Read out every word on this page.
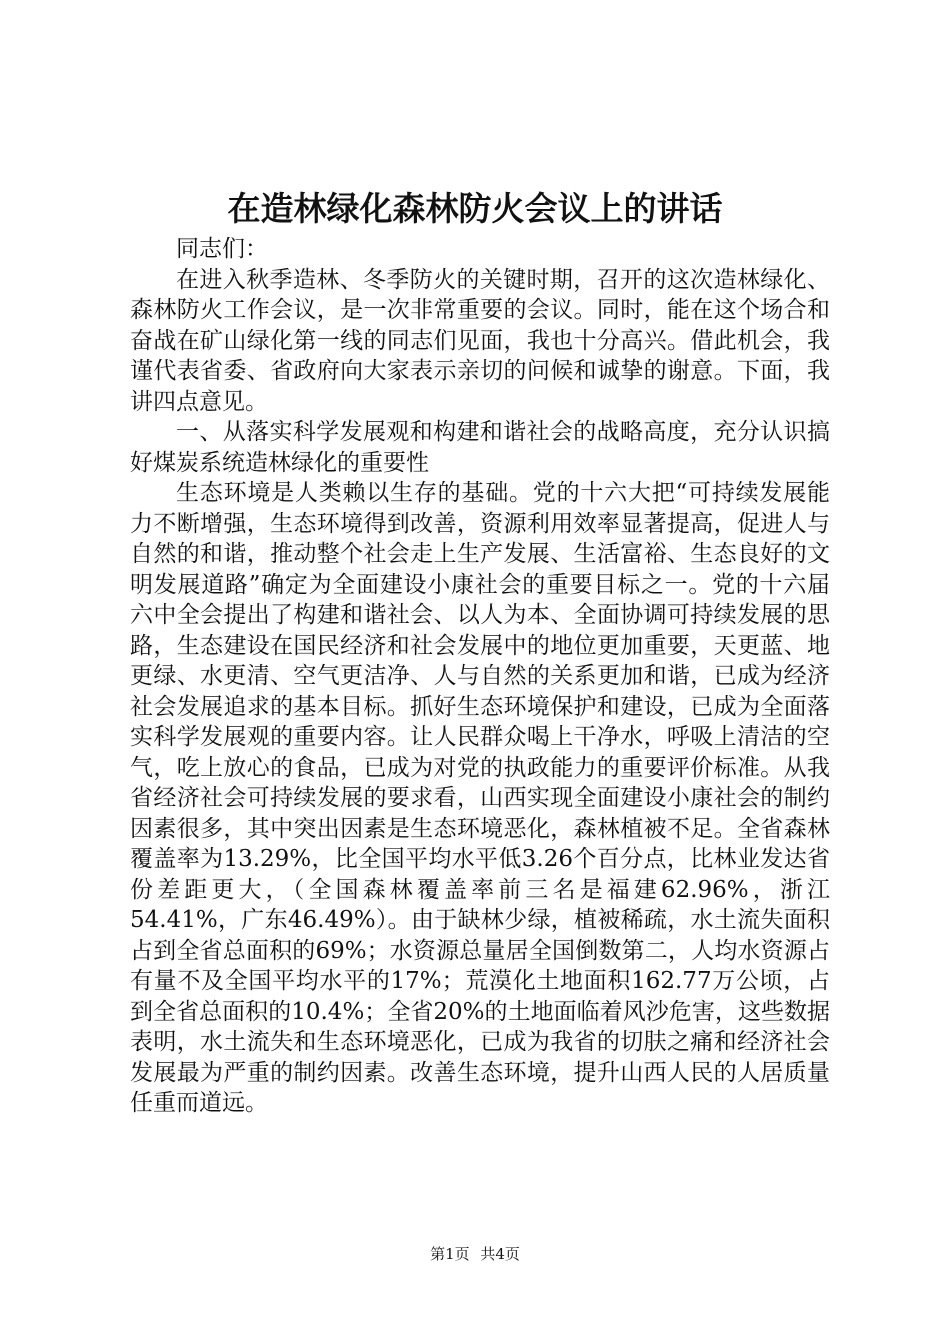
在造林绿化森林防火会议上的讲话

同志们：

在进入秋季造林、冬季防火的关键时期，召开的这次造林绿化、森林防火工作会议，是一次非常重要的会议。同时，能在这个场合和奋战在矿山绿化第一线的同志们见面，我也十分高兴。借此机会，我谨代表省委、省政府向大家表示亲切的问候和诚挚的谢意。下面，我讲四点意见。

一、从落实科学发展观和构建和谐社会的战略高度，充分认识搞好煤炭系统造林绿化的重要性

生态环境是人类赖以生存的基础。党的十六大把“可持续发展能力不断增强，生态环境得到改善，资源利用效率显著提高，促进人与自然的和谐，推动整个社会走上生产发展、生活富裕、生态良好的文明发展道路”确定为全面建设小康社会的重要目标之一。党的十六届六中全会提出了构建和谐社会、以人为本、全面协调可持续发展的思路，生态建设在国民经济和社会发展中的地位更加重要，天更蓝、地更绿、水更清、空气更洁净、人与自然的关系更加和谐，已成为经济社会发展追求的基本目标。抓好生态环境保护和建设，已成为全面落实科学发展观的重要内容。让人民群众喝上干净水，呼吸上清洁的空气，吃上放心的食品，已成为对党的执政能力的重要评价标准。从我省经济社会可持续发展的要求看，山西实现全面建设小康社会的制约因素很多，其中突出因素是生态环境恶化，森林植被不足。全省森林覆盖率为13.29%，比全国平均水平低3.26个百分点，比林业发达省份差距更大，（全国森林覆盖率前三名是福建62.96%，浙江54.41%，广东46.49%）。由于缺林少绿，植被稀疏，水土流失面积占到全省总面积的69%；水资源总量居全国倒数第二，人均水资源占有量不及全国平均水平的17%；荒漠化土地面积162.77万公顷，占到全省总面积的10.4%；全省20%的土地面临着风沙危害，这些数据表明，水土流失和生态环境恶化，已成为我省的切肤之痛和经济社会发展最为严重的制约因素。改善生态环境，提升山西人民的人居质量任重而道远。

第1页 共4页
